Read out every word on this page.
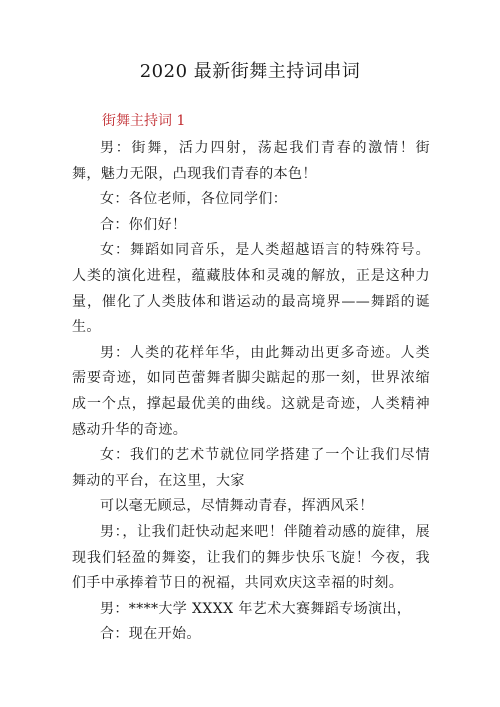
2020 最新街舞主持词串词
街舞主持词 1

男：街舞，活力四射，荡起我们青春的激情！街舞，魅力无限，凸现我们青春的本色！

女：各位老师，各位同学们：

合：你们好！

女：舞蹈如同音乐，是人类超越语言的特殊符号。人类的演化进程，蕴藏肢体和灵魂的解放，正是这种力量，催化了人类肢体和谐运动的最高境界——舞蹈的诞生。

男：人类的花样年华，由此舞动出更多奇迹。人类需要奇迹，如同芭蕾舞者脚尖踮起的那一刻，世界浓缩成一个点，撑起最优美的曲线。这就是奇迹，人类精神感动升华的奇迹。

女：我们的艺术节就位同学搭建了一个让我们尽情舞动的平台，在这里，大家

可以毫无顾忌，尽情舞动青春，挥洒风采！

男：，让我们赶快动起来吧！伴随着动感的旋律，展现我们轻盈的舞姿，让我们的舞步快乐飞旋！今夜，我们手中承捧着节日的祝福，共同欢庆这幸福的时刻。

男：****大学 XXXX 年艺术大赛舞蹈专场演出，

合：现在开始。
